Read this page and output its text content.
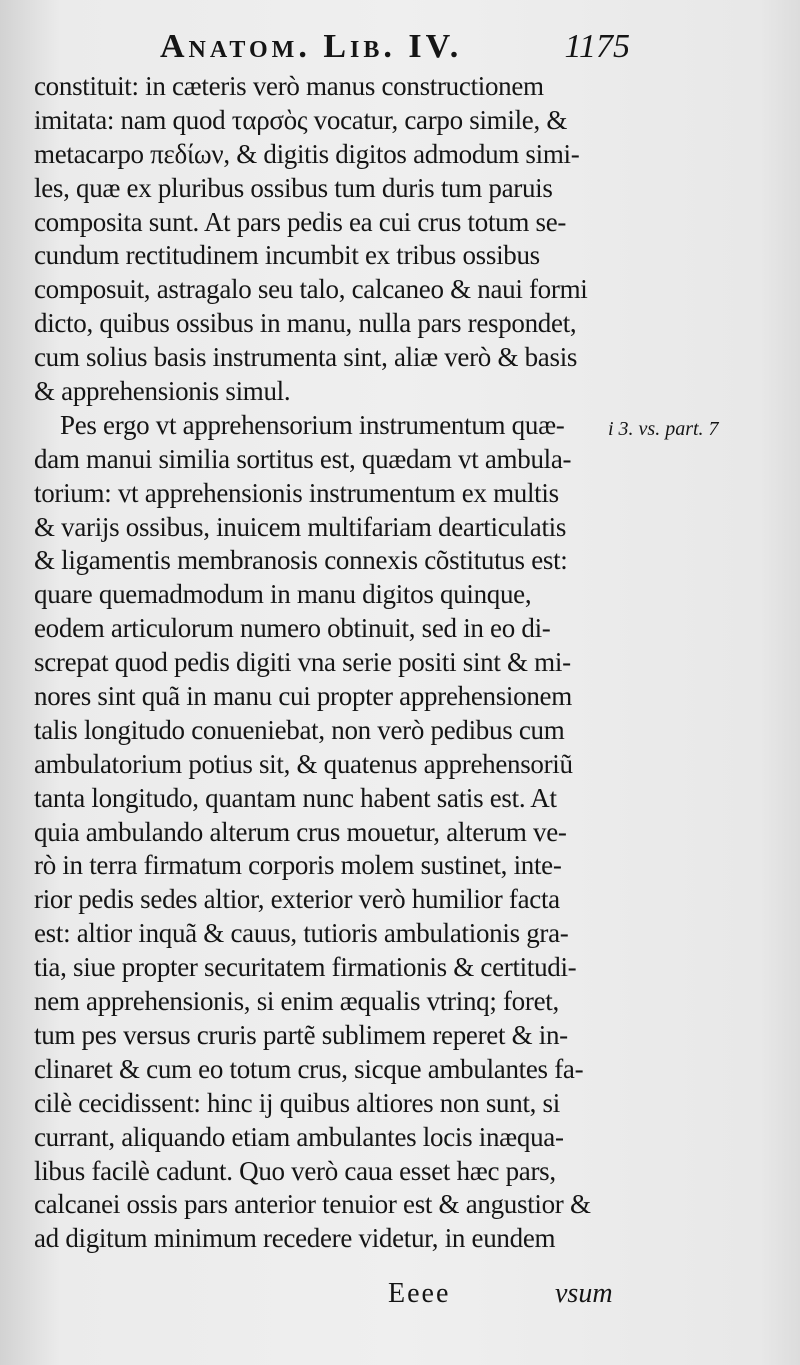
Anatom. Lib. IV.	1175
constituit: in cæteris verò manus constructionem
imitata: nam quod ταρσὸς vocatur, carpo simile, &
metacarpo πεδίων, & digitis digitos admodum simi-
les, quæ ex pluribus ossibus tum duris tum paruis
composita sunt. At pars pedis ea cui crus totum se-
cundum rectitudinem incumbit ex tribus ossibus
composuit, astragalo seu talo, calcaneo & naui formi
dicto, quibus ossibus in manu, nulla pars respondet,
cum solius basis instrumenta sint, aliæ verò & basis
& apprehensionis simul.
Pes ergo vt apprehensorium instrumentum quæ-
dam manui similia sortitus est, quædam vt ambula-
torium: vt apprehensionis instrumentum ex multis
& varijs ossibus, inuicem multifariam dearticulatis
& ligamentis membranosis connexis cõstitutus est:
quare quemadmodum in manu digitos quinque,
eodem articulorum numero obtinuit, sed in eo di-
screpat quod pedis digiti vna serie positi sint & mi-
nores sint quã in manu cui propter apprehensionem
talis longitudo conueniebat, non verò pedibus cum
ambulatorium potius sit, & quatenus apprehensoriũ
tanta longitudo, quantam nunc habent satis est. At
quia ambulando alterum crus mouetur, alterum ve-
rò in terra firmatum corporis molem sustinet, inte-
rior pedis sedes altior, exterior verò humilior facta
est: altior inquã & cauus, tutioris ambulationis gra-
tia, siue propter securitatem firmationis & certitudi-
nem apprehensionis, si enim æqualis vtrinq; foret,
tum pes versus cruris partẽ sublimem reperet & in-
clinaret & cum eo totum crus, sicque ambulantes fa-
cilè cecidissent: hinc ij quibus altiores non sunt, si
currant, aliquando etiam ambulantes locis inæqua-
libus facilè cadunt. Quo verò caua esset hæc pars,
calcanei ossis pars anterior tenuior est & angustior &
ad digitum minimum recedere videtur, in eundem
i 3. vs. part. 7
Eeee	vsum
